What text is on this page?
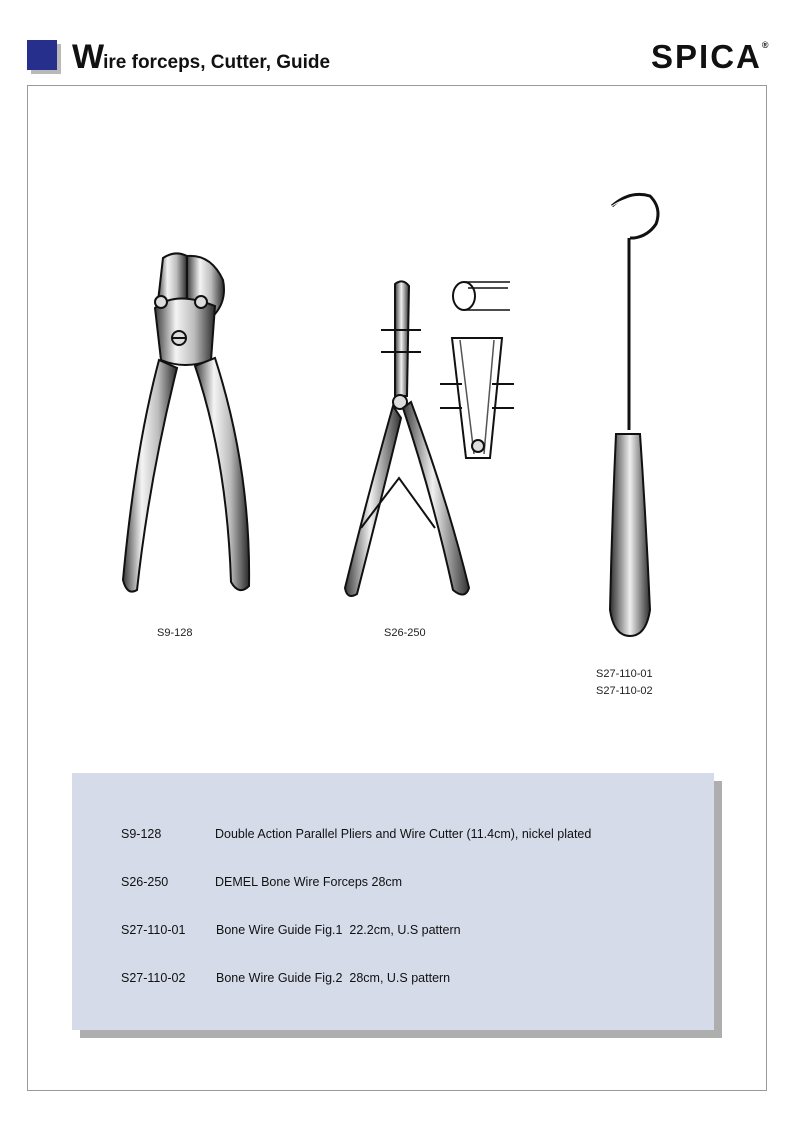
Wire forceps, Cutter, Guide	SPICA®
S9-128	S26-250
S27-110-01
S27-110-02
S9-128	Double Action Parallel Pliers and Wire Cutter (11.4cm), nickel plated
S26-250	DEMEL Bone Wire Forceps 28cm
S27-110-01 Bone Wire Guide Fig.1  22.2cm, U.S pattern
S27-110-02 Bone Wire Guide Fig.2  28cm, U.S pattern
